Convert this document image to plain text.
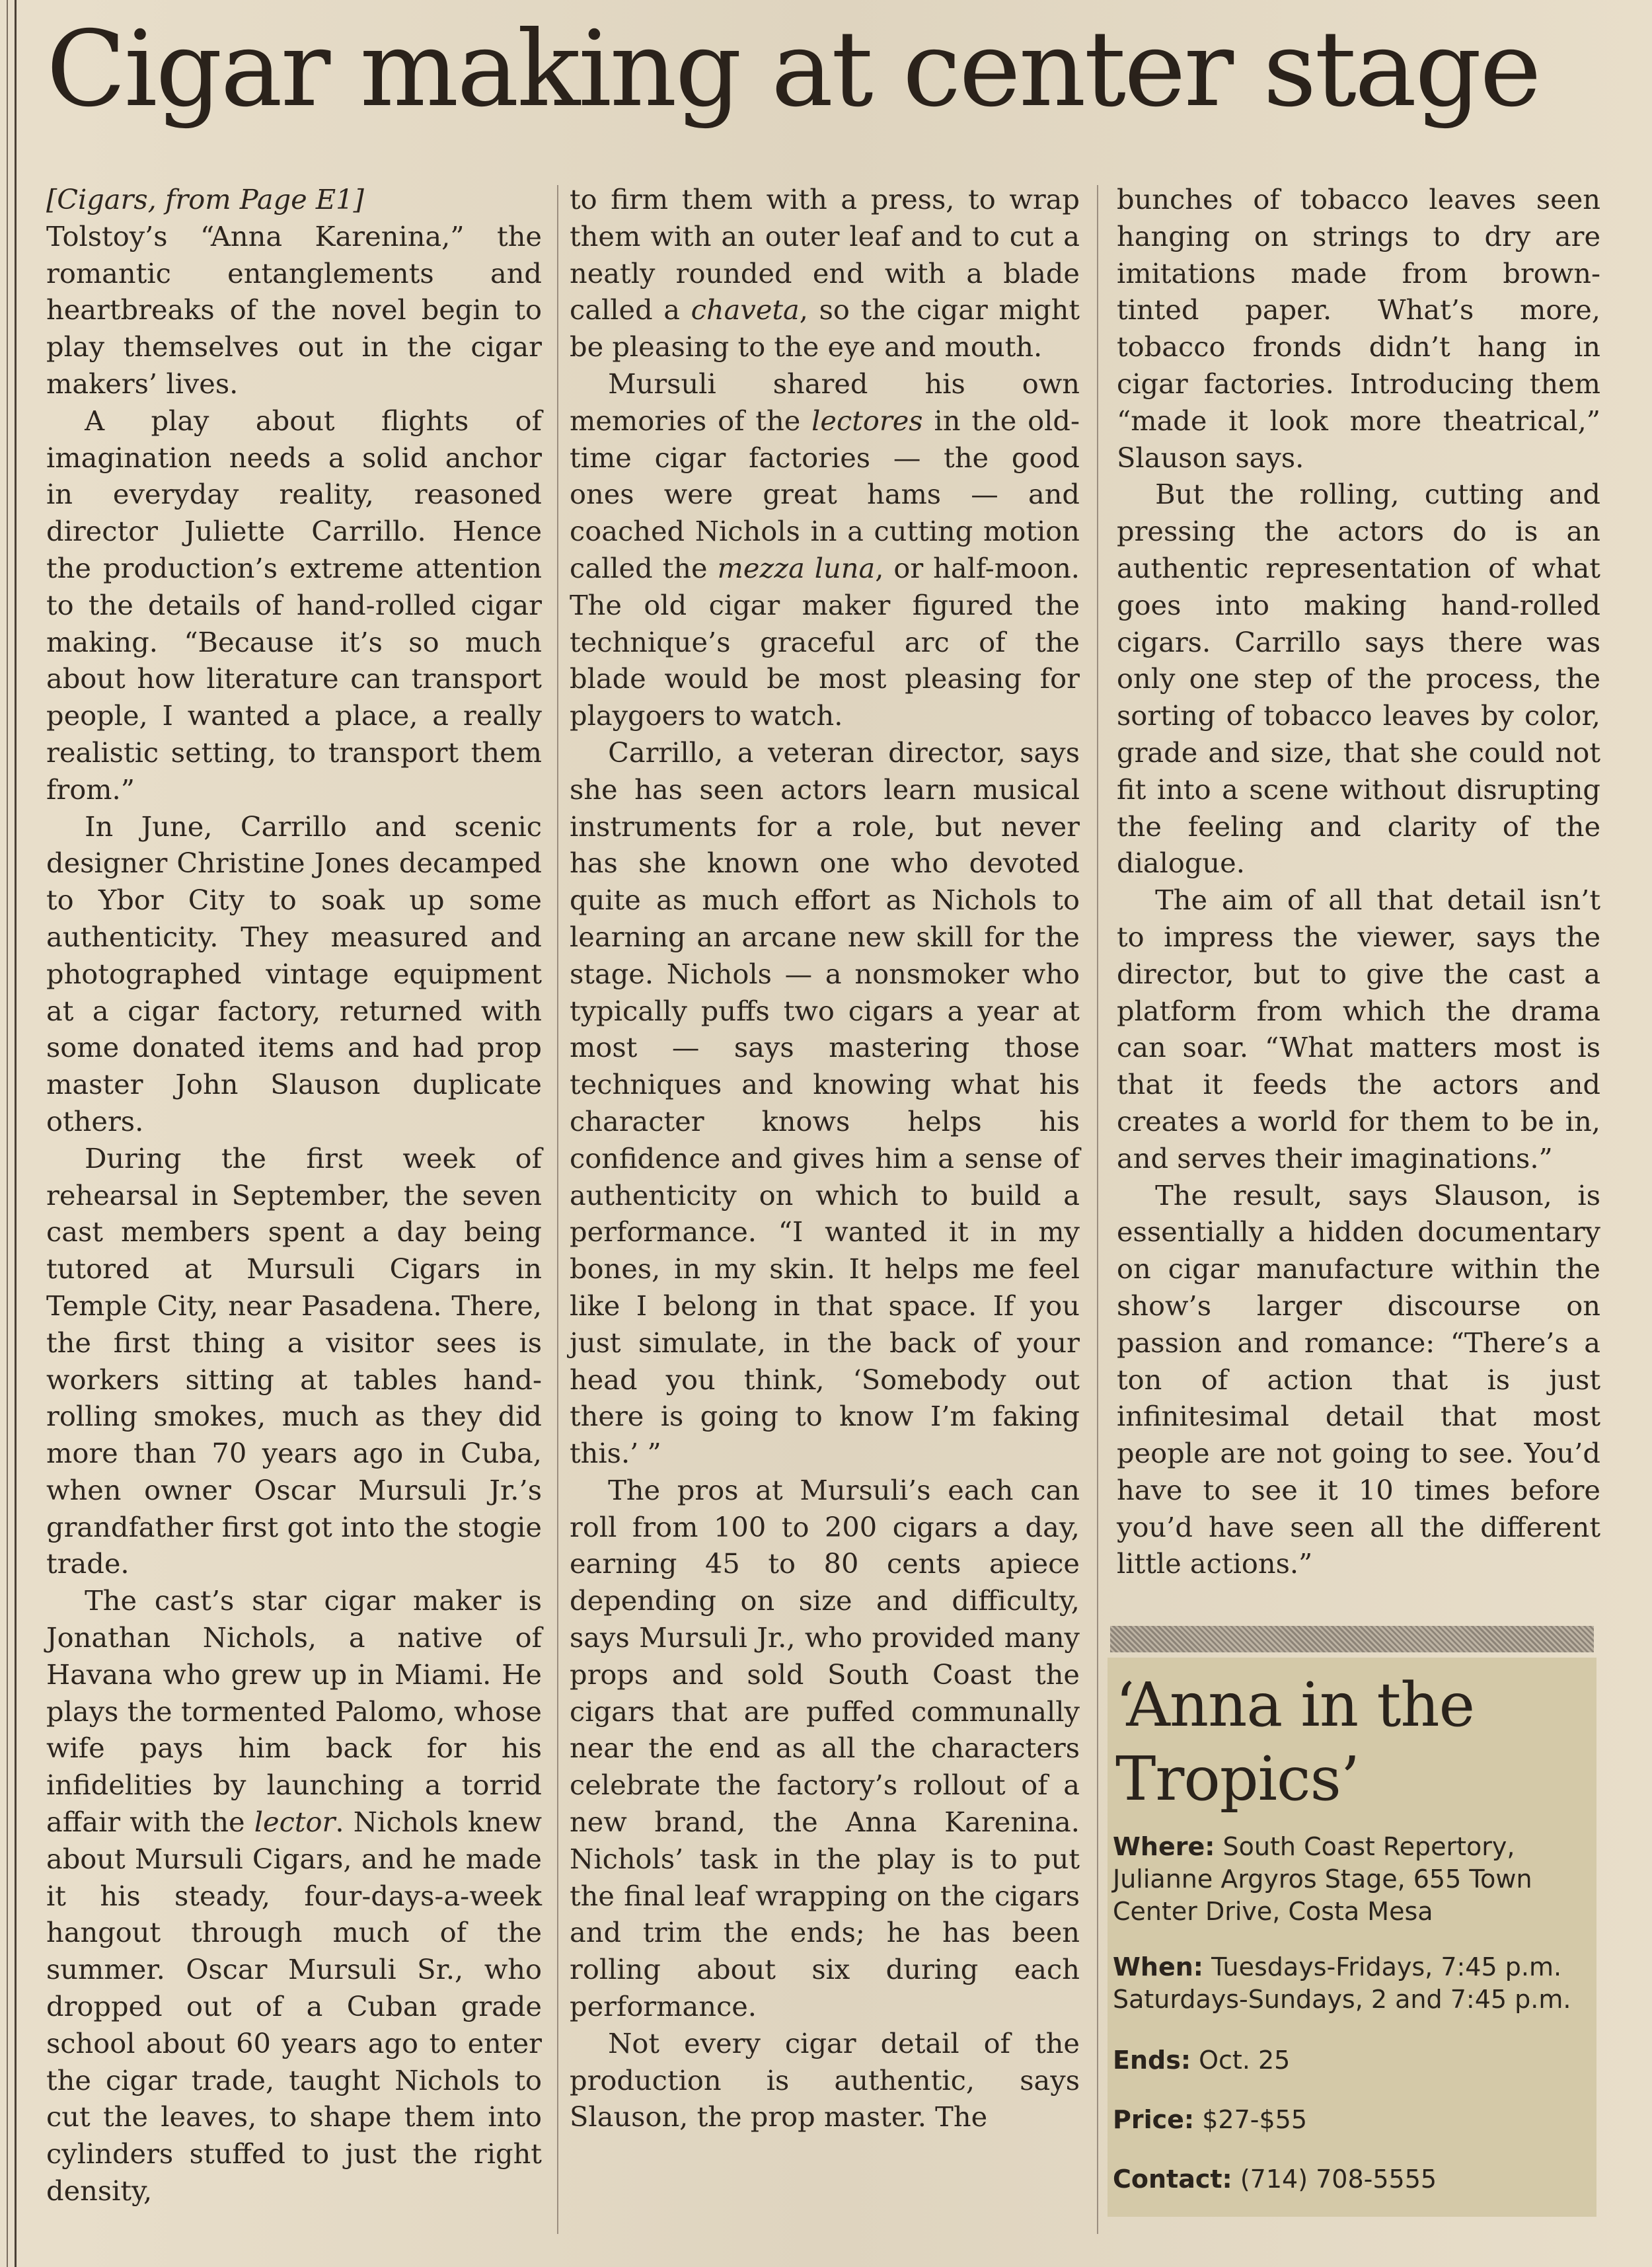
Cigar making at center stage

[Cigars, from Page E1]

Tolstoy’s “Anna Karenina,” the romantic entanglements and heartbreaks of the novel begin to play themselves out in the cigar makers’ lives.

A play about flights of imagination needs a solid anchor in everyday reality, reasoned director Juliette Carrillo. Hence the production’s extreme attention to the details of hand-rolled cigar making. “Because it’s so much about how literature can transport people, I wanted a place, a really realistic setting, to transport them from.”

In June, Carrillo and scenic designer Christine Jones decamped to Ybor City to soak up some authenticity. They measured and photographed vintage equipment at a cigar factory, returned with some donated items and had prop master John Slauson duplicate others.

During the first week of rehearsal in September, the seven cast members spent a day being tutored at Mursuli Cigars in Temple City, near Pasadena. There, the first thing a visitor sees is workers sitting at tables hand-rolling smokes, much as they did more than 70 years ago in Cuba, when owner Oscar Mursuli Jr.’s grandfather first got into the stogie trade.

The cast’s star cigar maker is Jonathan Nichols, a native of Havana who grew up in Miami. He plays the tormented Palomo, whose wife pays him back for his infidelities by launching a torrid affair with the lector. Nichols knew about Mursuli Cigars, and he made it his steady, four-days-a-week hangout through much of the summer. Oscar Mursuli Sr., who dropped out of a Cuban grade school about 60 years ago to enter the cigar trade, taught Nichols to cut the leaves, to shape them into cylinders stuffed to just the right density,

to firm them with a press, to wrap them with an outer leaf and to cut a neatly rounded end with a blade called a chaveta, so the cigar might be pleasing to the eye and mouth.

Mursuli shared his own memories of the lectores in the old-time cigar factories — the good ones were great hams — and coached Nichols in a cutting motion called the mezza luna, or half-moon. The old cigar maker figured the technique’s graceful arc of the blade would be most pleasing for playgoers to watch.

Carrillo, a veteran director, says she has seen actors learn musical instruments for a role, but never has she known one who devoted quite as much effort as Nichols to learning an arcane new skill for the stage. Nichols — a nonsmoker who typically puffs two cigars a year at most — says mastering those techniques and knowing what his character knows helps his confidence and gives him a sense of authenticity on which to build a performance. “I wanted it in my bones, in my skin. It helps me feel like I belong in that space. If you just simulate, in the back of your head you think, ‘Somebody out there is going to know I’m faking this.’ ”

The pros at Mursuli’s each can roll from 100 to 200 cigars a day, earning 45 to 80 cents apiece depending on size and difficulty, says Mursuli Jr., who provided many props and sold South Coast the cigars that are puffed communally near the end as all the characters celebrate the factory’s rollout of a new brand, the Anna Karenina. Nichols’ task in the play is to put the final leaf wrapping on the cigars and trim the ends; he has been rolling about six during each performance.

Not every cigar detail of the production is authentic, says Slauson, the prop master. The

bunches of tobacco leaves seen hanging on strings to dry are imitations made from brown-tinted paper. What’s more, tobacco fronds didn’t hang in cigar factories. Introducing them “made it look more theatrical,” Slauson says.

But the rolling, cutting and pressing the actors do is an authentic representation of what goes into making hand-rolled cigars. Carrillo says there was only one step of the process, the sorting of tobacco leaves by color, grade and size, that she could not fit into a scene without disrupting the feeling and clarity of the dialogue.

The aim of all that detail isn’t to impress the viewer, says the director, but to give the cast a platform from which the drama can soar. “What matters most is that it feeds the actors and creates a world for them to be in, and serves their imaginations.”

The result, says Slauson, is essentially a hidden documentary on cigar manufacture within the show’s larger discourse on passion and romance: “There’s a ton of action that is just infinitesimal detail that most people are not going to see. You’d have to see it 10 times before you’d have seen all the different little actions.”

‘Anna in the Tropics’
Where: South Coast Repertory, Julianne Argyros Stage, 655 Town Center Drive, Costa Mesa
When: Tuesdays-Fridays, 7:45 p.m. Saturdays-Sundays, 2 and 7:45 p.m.
Ends: Oct. 25
Price: $27-$55
Contact: (714) 708-5555
